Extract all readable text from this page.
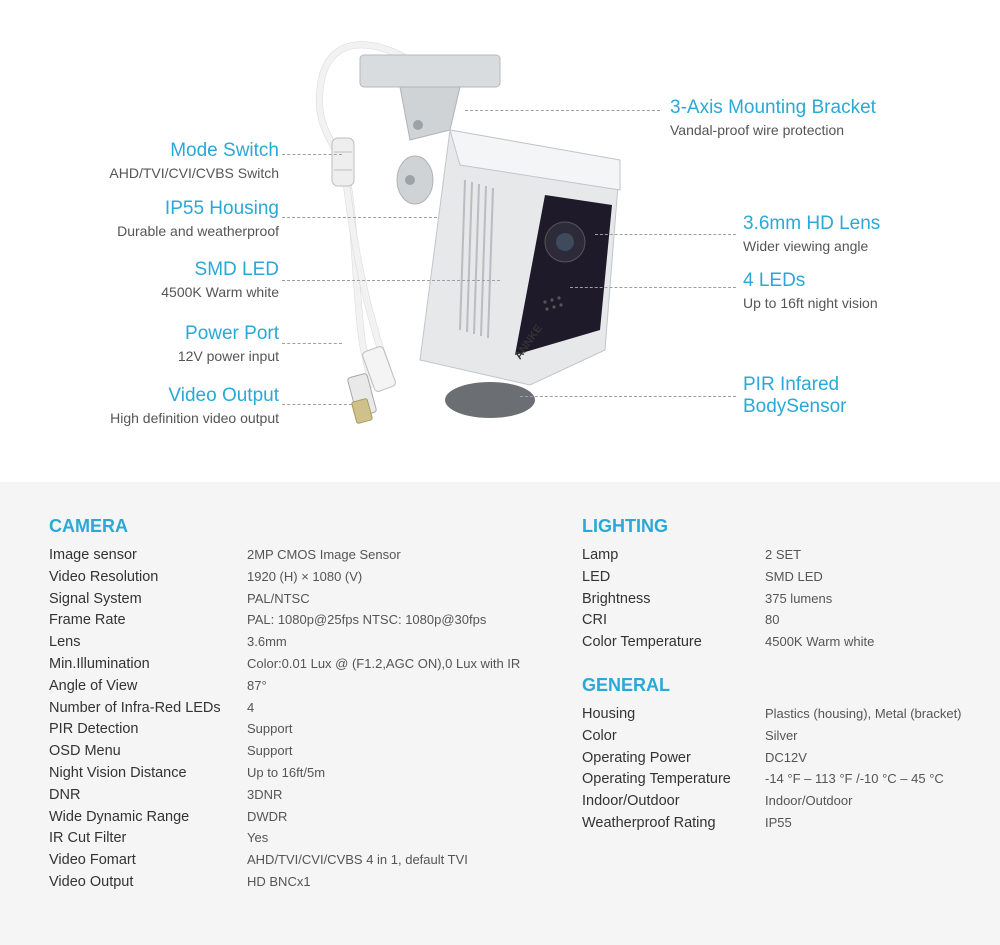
ANNKE
Mode Switch
AHD/TVI/CVI/CVBS Switch
IP55 Housing
Durable and weatherproof
SMD LED
4500K Warm white
Power Port
12V power input
Video Output
High definition video output
3-Axis Mounting Bracket
Vandal-proof wire protection
3.6mm HD Lens
Wider viewing angle
4 LEDs
Up to 16ft night vision
PIR Infared
BodySensor
CAMERA
Image sensor	2MP CMOS Image Sensor
Video Resolution	1920 (H) × 1080 (V)
Signal System	PAL/NTSC
Frame Rate	PAL: 1080p@25fps NTSC: 1080p@30fps
Lens	3.6mm
Min.Illumination	Color:0.01 Lux @ (F1.2,AGC ON),0 Lux with IR
Angle of View	87°
Number of Infra-Red LEDs 4
PIR Detection	Support
OSD Menu	Support
Night Vision Distance	Up to 16ft/5m
DNR	3DNR
Wide Dynamic Range	DWDR
IR Cut Filter	Yes
Video Fomart	AHD/TVI/CVI/CVBS 4 in 1, default TVI
Video Output	HD BNCx1
LIGHTING
Lamp	2 SET
LED	SMD LED
Brightness	375 lumens
CRI	80
Color Temperature	4500K Warm white
GENERAL
Housing	Plastics (housing), Metal (bracket)
Color	Silver
Operating Power	DC12V
Operating Temperature	-14 °F – 113 °F /-10 °C – 45 °C
Indoor/Outdoor	Indoor/Outdoor
Weatherproof Rating	IP55
